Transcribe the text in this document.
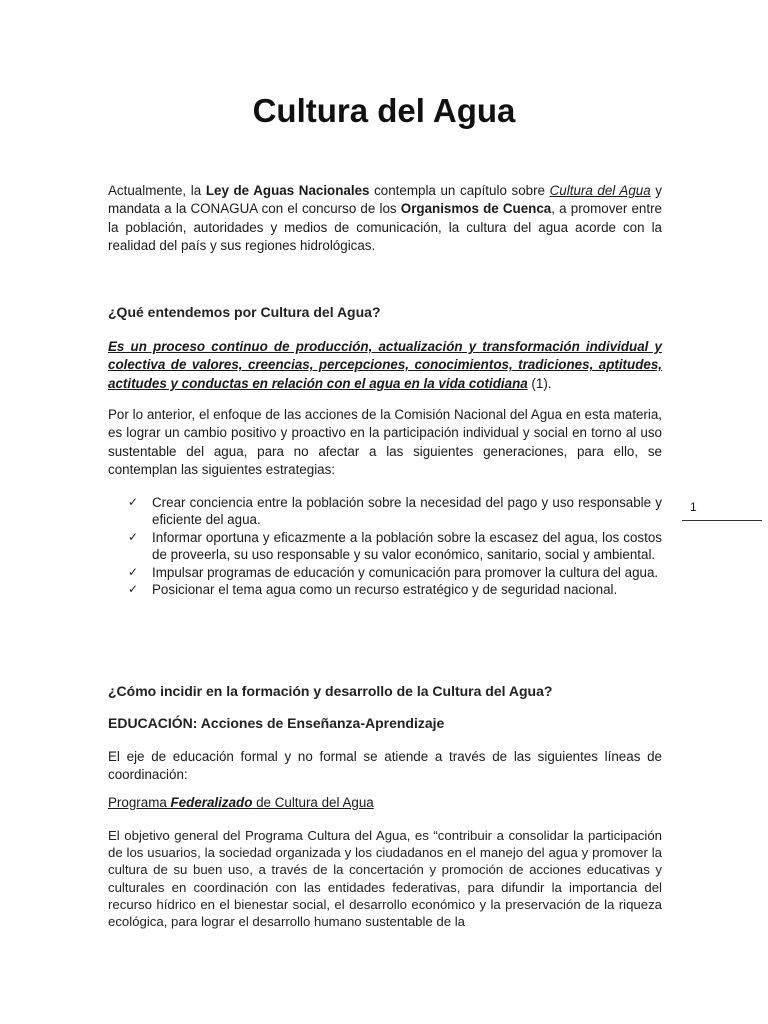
Cultura del Agua
Actualmente, la Ley de Aguas Nacionales contempla un capítulo sobre Cultura del Agua y mandata a la CONAGUA con el concurso de los Organismos de Cuenca, a promover entre la población, autoridades y medios de comunicación, la cultura del agua acorde con la realidad del país y sus regiones hidrológicas.
¿Qué entendemos por Cultura del Agua?
Es un proceso continuo de producción, actualización y transformación individual y colectiva de valores, creencias, percepciones, conocimientos, tradiciones, aptitudes, actitudes y conductas en relación con el agua en la vida cotidiana (1).
Por lo anterior, el enfoque de las acciones de la Comisión Nacional del Agua en esta materia, es lograr un cambio positivo y proactivo en la participación individual y social en torno al uso sustentable del agua, para no afectar a las siguientes generaciones, para ello, se contemplan las siguientes estrategias:
✓ Crear conciencia entre la población sobre la necesidad del pago y uso responsable y eficiente del agua.
✓ Informar oportuna y eficazmente a la población sobre la escasez del agua, los costos de proveerla, su uso responsable y su valor económico, sanitario, social y ambiental.
✓ Impulsar programas de educación y comunicación para promover la cultura del agua.
✓ Posicionar el tema agua como un recurso estratégico y de seguridad nacional.
1
¿Cómo incidir en la formación y desarrollo de la Cultura del Agua?
EDUCACIÓN: Acciones de Enseñanza-Aprendizaje
El eje de educación formal y no formal se atiende a través de las siguientes líneas de coordinación:
Programa Federalizado de Cultura del Agua
El objetivo general del Programa Cultura del Agua, es “contribuir a consolidar la participación de los usuarios, la sociedad organizada y los ciudadanos en el manejo del agua y promover la cultura de su buen uso, a través de la concertación y promoción de acciones educativas y culturales en coordinación con las entidades federativas, para difundir la importancia del recurso hídrico en el bienestar social, el desarrollo económico y la preservación de la riqueza ecológica, para lograr el desarrollo humano sustentable de la
